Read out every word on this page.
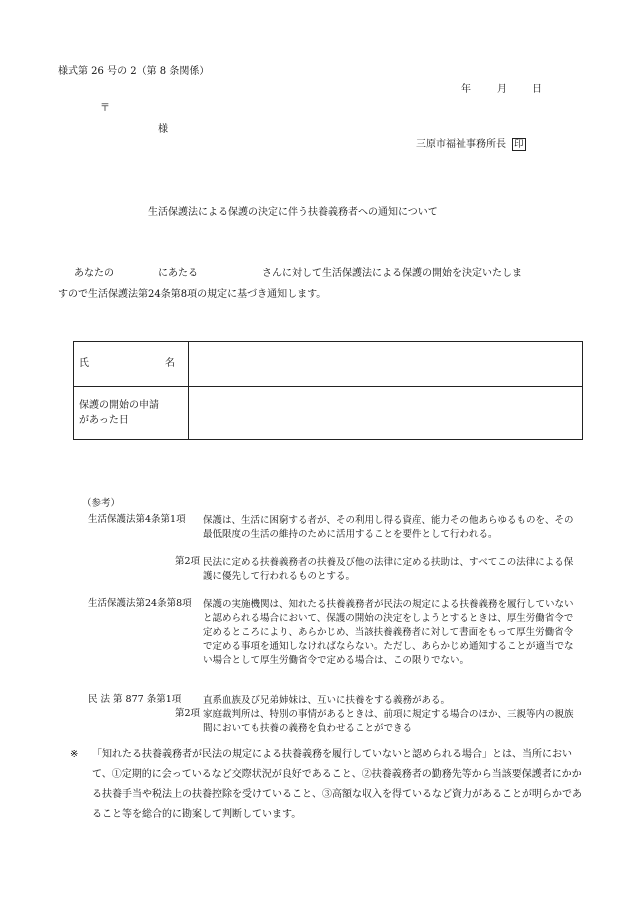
様式第 26 号の 2（第 8 条関係）
年	月	日
〒
様
三原市福祉事務所長 印
生活保護法による保護の決定に伴う扶養義務者への通知について
あなたの	にあたる	さんに対して生活保護法による保護の開始を決定いたしま
すので生活保護法第24条第8項の規定に基づき通知します。
氏 名	

保護の開始の申請
があった日	
（参考）
生活保護法第4条第1項 保護は、生活に困窮する者が、その利用し得る資産、能力その他あらゆるものを、その最低限度の生活の維持のために活用することを要件として行われる。
第2項 民法に定める扶養義務者の扶養及び他の法律に定める扶助は、すべてこの法律による保護に優先して行われるものとする。
生活保護法第24条第8項 保護の実施機関は、知れたる扶養義務者が民法の規定による扶養義務を履行していないと認められる場合において、保護の開始の決定をしようとするときは、厚生労働省令で定めるところにより、あらかじめ、当該扶養義務者に対して書面をもって厚生労働省令で定める事項を通知しなければならない。ただし、あらかじめ通知することが適当でない場合として厚生労働省令で定める場合は、この限りでない。
民 法 第 877 条第1項 直系血族及び兄弟姉妹は、互いに扶養をする義務がある。
第2項 家庭裁判所は、特別の事情があるときは、前項に規定する場合のほか、三親等内の親族間においても扶養の義務を負わせることができる
※ 「知れたる扶養義務者が民法の規定による扶養義務を履行していないと認められる場合」とは、当所において、①定期的に会っているなど交際状況が良好であること、②扶養義務者の勤務先等から当該要保護者にかかる扶養手当や税法上の扶養控除を受けていること、③高額な収入を得ているなど資力があることが明らかであること等を総合的に勘案して判断しています。
